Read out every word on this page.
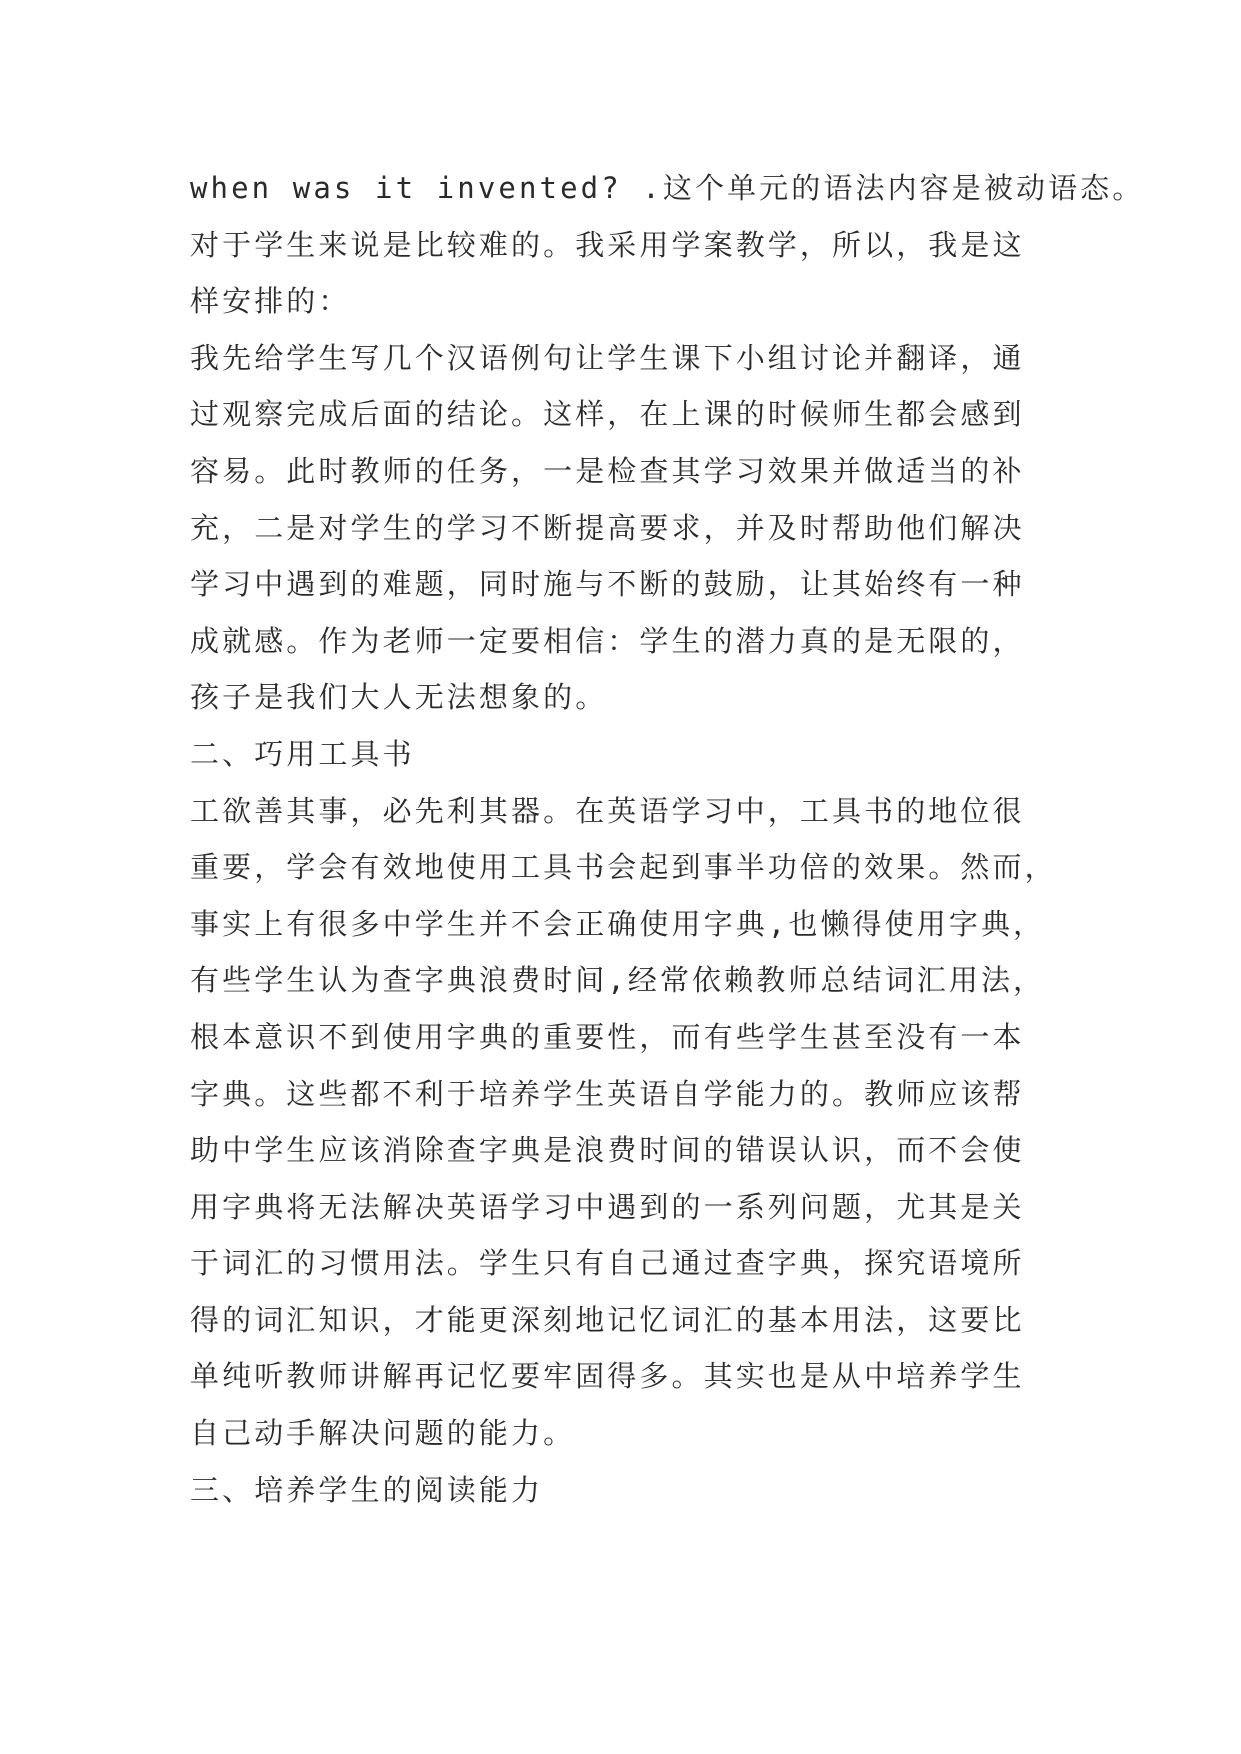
when was it invented? .这个单元的语法内容是被动语态。
对于学生来说是比较难的。我采用学案教学，所以，我是这
样安排的：
我先给学生写几个汉语例句让学生课下小组讨论并翻译，通
过观察完成后面的结论。这样，在上课的时候师生都会感到
容易。此时教师的任务，一是检查其学习效果并做适当的补
充，二是对学生的学习不断提高要求，并及时帮助他们解决
学习中遇到的难题，同时施与不断的鼓励，让其始终有一种
成就感。作为老师一定要相信：学生的潜力真的是无限的，
孩子是我们大人无法想象的。
二、巧用工具书
工欲善其事，必先利其器。在英语学习中，工具书的地位很
重要，学会有效地使用工具书会起到事半功倍的效果。然而，
事实上有很多中学生并不会正确使用字典,也懒得使用字典，
有些学生认为查字典浪费时间,经常依赖教师总结词汇用法，
根本意识不到使用字典的重要性，而有些学生甚至没有一本
字典。这些都不利于培养学生英语自学能力的。教师应该帮
助中学生应该消除查字典是浪费时间的错误认识，而不会使
用字典将无法解决英语学习中遇到的一系列问题，尤其是关
于词汇的习惯用法。学生只有自己通过查字典，探究语境所
得的词汇知识，才能更深刻地记忆词汇的基本用法，这要比
单纯听教师讲解再记忆要牢固得多。其实也是从中培养学生
自己动手解决问题的能力。
三、培养学生的阅读能力
